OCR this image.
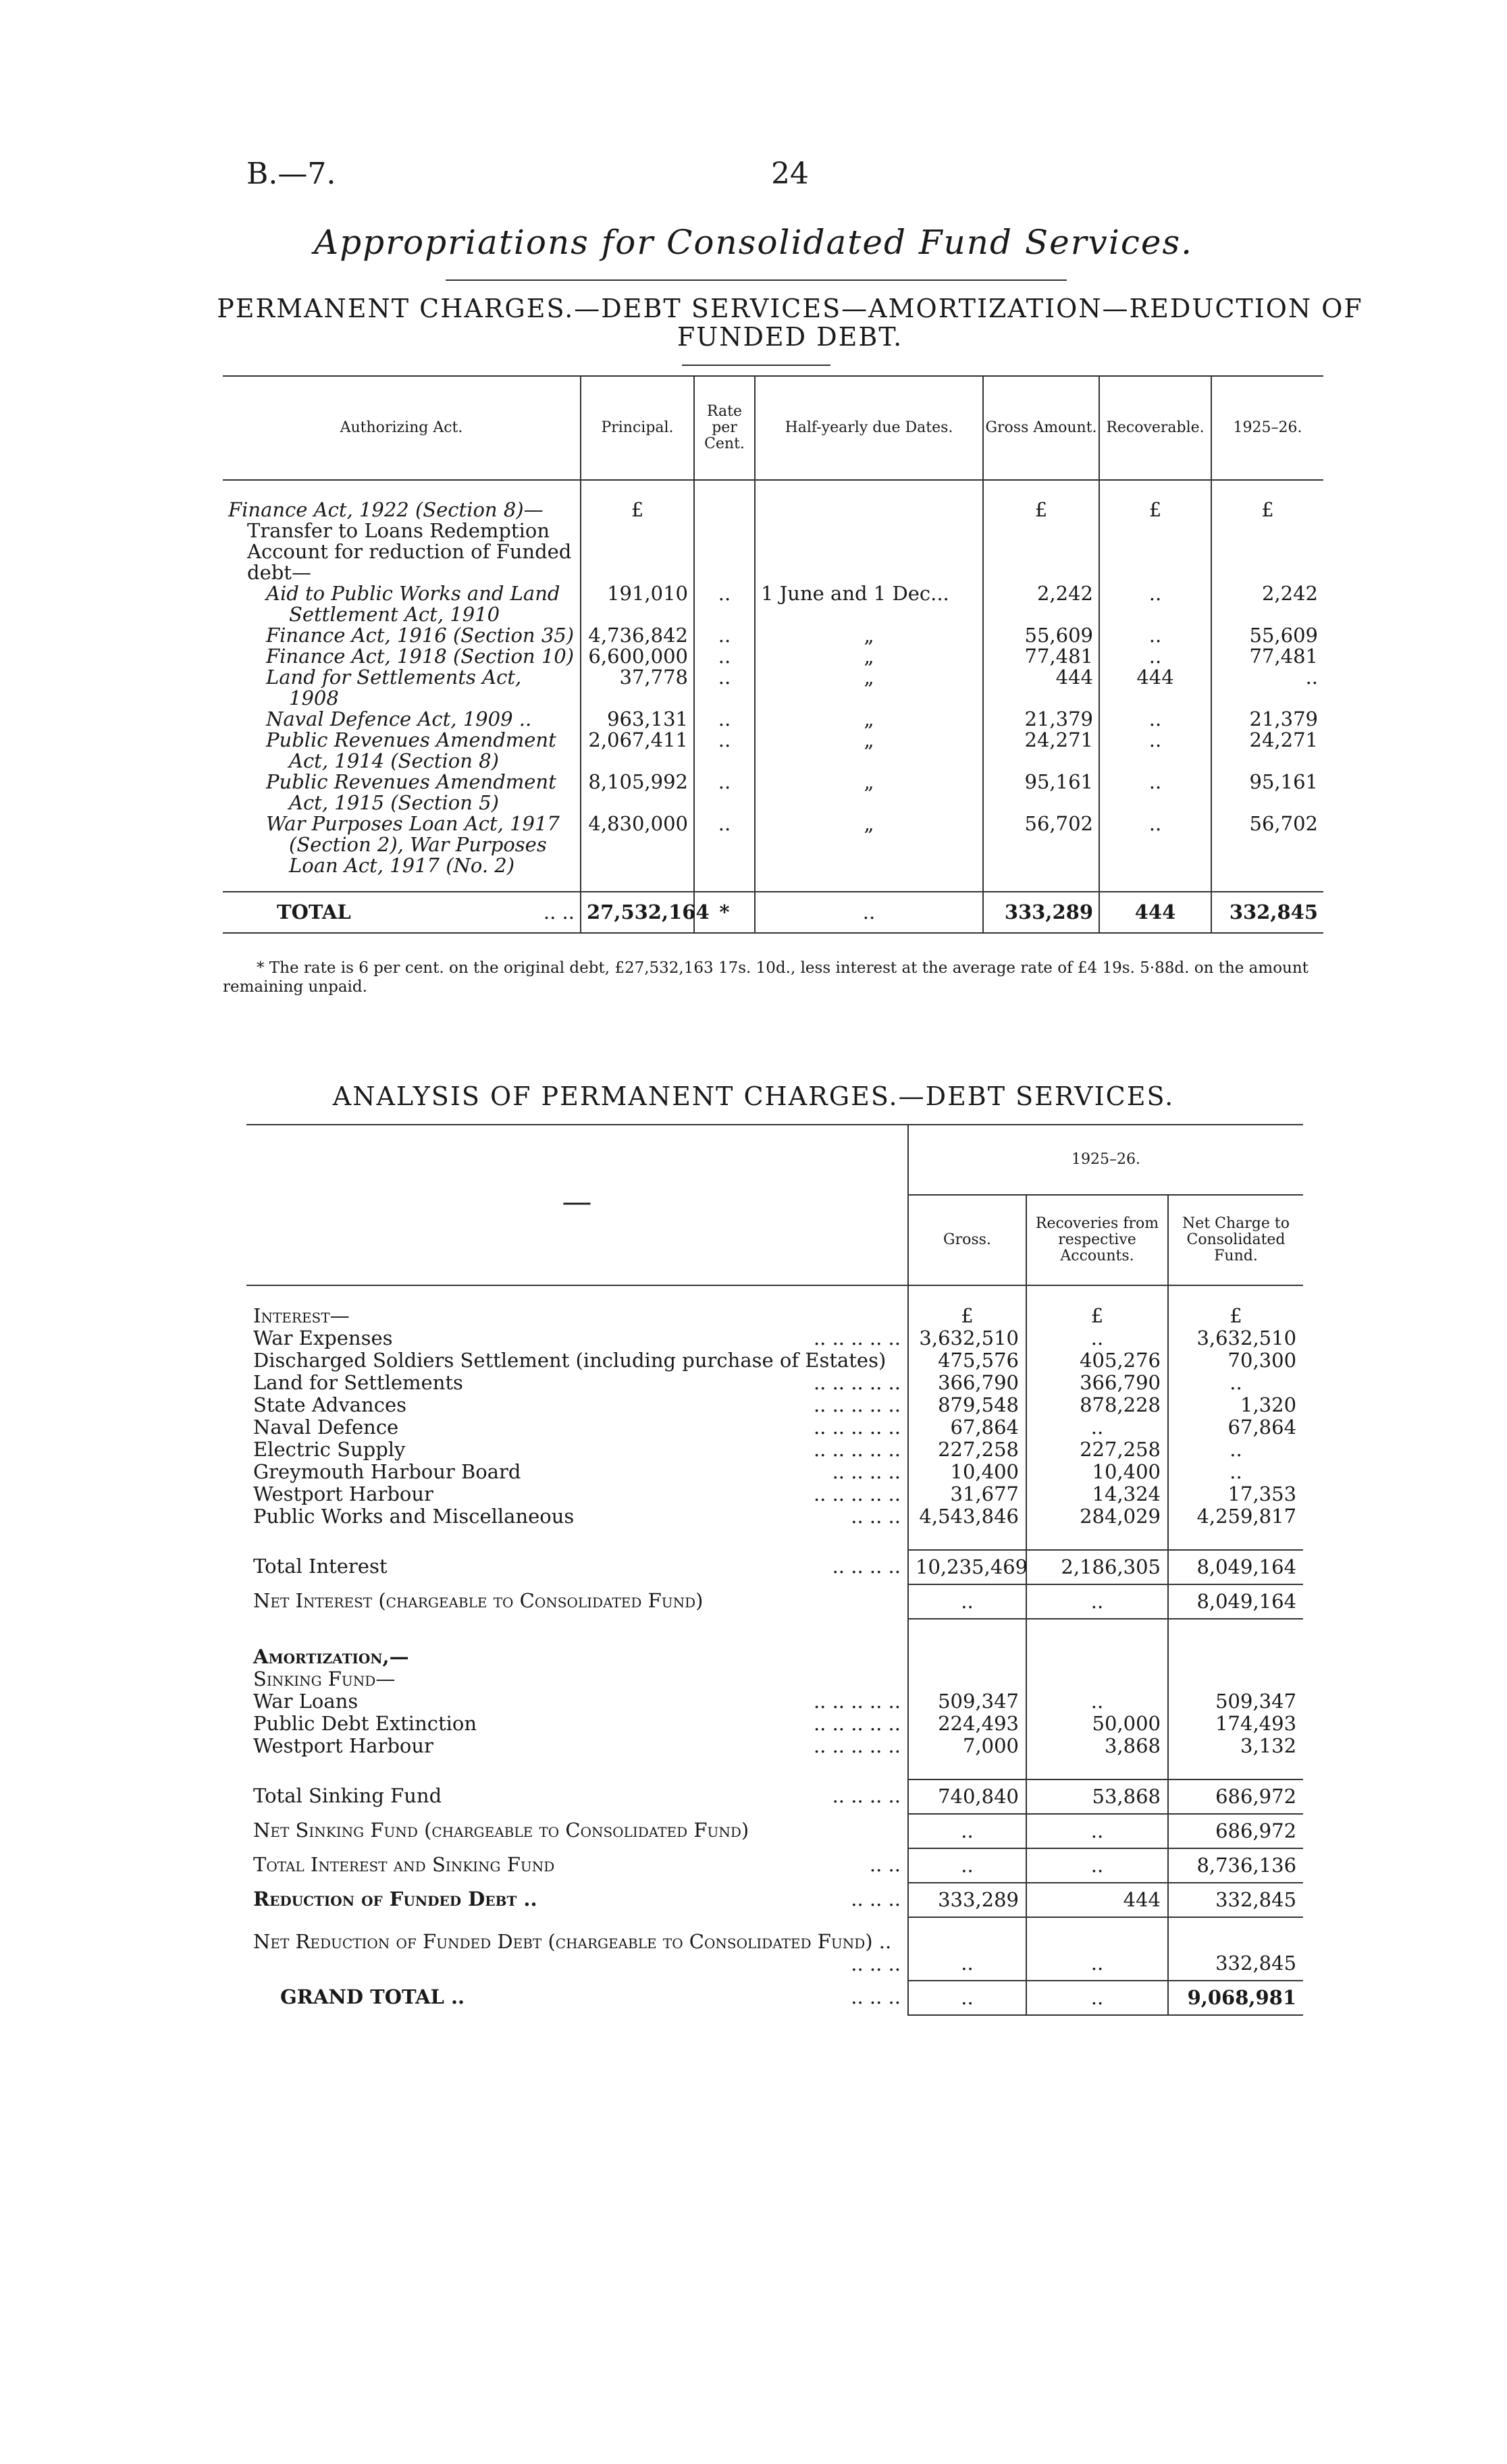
B.—7.	24
Appropriations for Consolidated Fund Services.
PERMANENT CHARGES.—DEBT SERVICES—AMORTIZATION—REDUCTION OF FUNDED DEBT.
Authorizing Act.	Principal.	Rate per Cent.	Half-yearly due Dates.	Gross Amount.	Recoverable.	1925–26.

Finance Act, 1922 (Section 8)—
Transfer to Loans Redemption Account for reduction of Funded debt—	£			£	£	£

Aid to Public Works and Land Settlement Act, 1910	191,010	..	1 June and 1 Dec...	2,242	..	2,242

Finance Act, 1916 (Section 35)	4,736,842	..	„	55,609	..	55,609

Finance Act, 1918 (Section 10)	6,600,000	..	„	77,481	..	77,481

Land for Settlements Act, 1908	37,778	..	„	444	444	..

Naval Defence Act, 1909 ..	963,131	..	„	21,379	..	21,379

Public Revenues Amendment Act, 1914 (Section 8)	2,067,411	..	„	24,271	..	24,271

Public Revenues Amendment Act, 1915 (Section 5)	8,105,992	..	„	95,161	..	95,161

War Purposes Loan Act, 1917 (Section 2), War Purposes Loan Act, 1917 (No. 2)	4,830,000	..	„	56,702	..	56,702

TOTAL .. ..	27,532,164	*	..	333,289	444	332,845
* The rate is 6 per cent. on the original debt, £27,532,163 17s. 10d., less interest at the average rate of £4 19s. 5·88d. on the amount remaining unpaid.
ANALYSIS OF PERMANENT CHARGES.—DEBT SERVICES.
—	1925–26.		
	Gross.	Recoveries from respective Accounts.	Net Charge to Consolidated Fund.
Interest—	£	£	£
War Expenses .. .. .. .. ..	3,632,510	..	3,632,510
Discharged Soldiers Settlement (including purchase of Estates)	475,576	405,276	70,300
Land for Settlements .. .. .. .. ..	366,790	366,790	..
State Advances .. .. .. .. ..	879,548	878,228	1,320
Naval Defence .. .. .. .. ..	67,864	..	67,864
Electric Supply .. .. .. .. ..	227,258	227,258	..
Greymouth Harbour Board .. .. .. ..	10,400	10,400	..
Westport Harbour .. .. .. .. ..	31,677	14,324	17,353
Public Works and Miscellaneous .. .. ..	4,543,846	284,029	4,259,817

Total Interest .. .. .. ..	10,235,469	2,186,305	8,049,164
Net Interest (chargeable to Consolidated Fund)	..	..	8,049,164
Amortization,—			
Sinking Fund—			
War Loans .. .. .. .. ..	509,347	..	509,347
Public Debt Extinction .. .. .. .. ..	224,493	50,000	174,493
Westport Harbour .. .. .. .. ..	7,000	3,868	3,132

Total Sinking Fund .. .. .. ..	740,840	53,868	686,972
Net Sinking Fund (chargeable to Consolidated Fund)	..	..	686,972
Total Interest and Sinking Fund .. ..	..	..	8,736,136
Reduction of Funded Debt .. .. .. ..	333,289	444	332,845
Net Reduction of Funded Debt (chargeable to Consolidated Fund) ..
.. .. ..	..	..	332,845
GRAND TOTAL .. .. .. ..	..	..	9,068,981
